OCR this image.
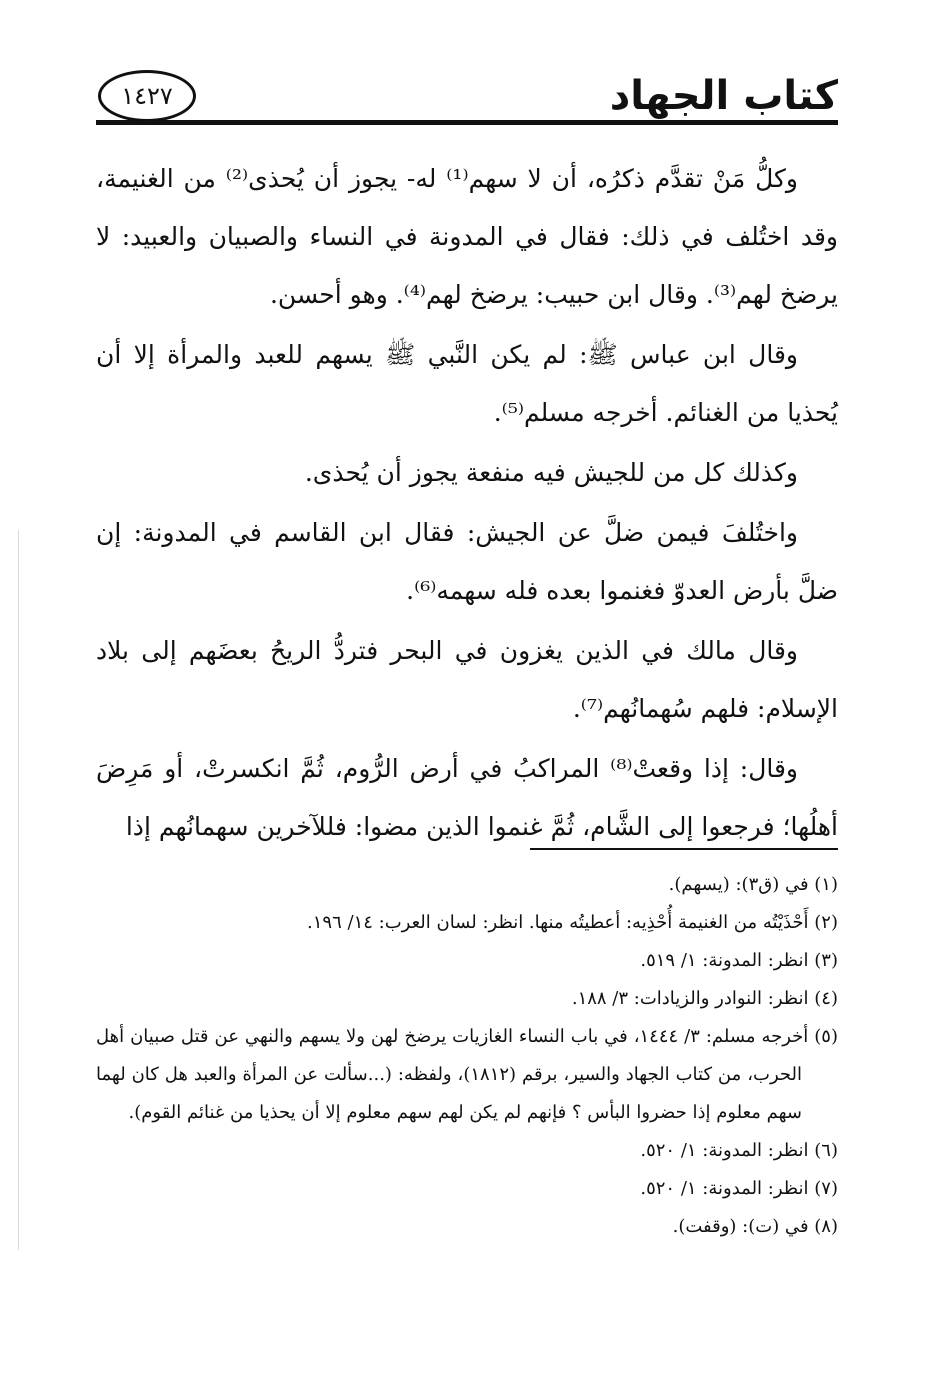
كتاب الجهاد
١٤٢٧

وكلُّ مَنْ تقدَّم ذكرُه، أن لا سهم⁽¹⁾ له- يجوز أن يُحذى⁽²⁾ من الغنيمة، وقد اختُلف في ذلك: فقال في المدونة في النساء والصبيان والعبيد: لا يرضخ لهم⁽³⁾. وقال ابن حبيب: يرضخ لهم⁽⁴⁾. وهو أحسن.

وقال ابن عباس ﷺ: لم يكن النَّبي ﷺ يسهم للعبد والمرأة إلا أن يُحذيا من الغنائم. أخرجه مسلم⁽⁵⁾.

وكذلك كل من للجيش فيه منفعة يجوز أن يُحذى.

واختُلفَ فيمن ضلَّ عن الجيش: فقال ابن القاسم في المدونة: إن ضلَّ بأرض العدوّ فغنموا بعده فله سهمه⁽⁶⁾.

وقال مالك في الذين يغزون في البحر فتردُّ الريحُ بعضَهم إلى بلاد الإسلام: فلهم سُهمانُهم⁽⁷⁾.

وقال: إذا وقعتْ⁽⁸⁾ المراكبُ في أرض الرُّوم، ثُمَّ انكسرتْ، أو مَرِضَ أهلُها؛ فرجعوا إلى الشَّام، ثُمَّ غنموا الذين مضوا: فللآخرين سهمانُهم إذا

(١) في (ق٣): (يسهم).

(٢) أَحْذَيْتُه من الغنيمة أُحْذِيه: أعطيتُه منها. انظر: لسان العرب: ١٤/ ١٩٦.

(٣) انظر: المدونة: ١/ ٥١٩.

(٤) انظر: النوادر والزيادات: ٣/ ١٨٨.

(٥) أخرجه مسلم: ٣/ ١٤٤٤، في باب النساء الغازيات يرضخ لهن ولا يسهم والنهي عن قتل صبيان أهل الحرب، من كتاب الجهاد والسير، برقم (١٨١٢)، ولفظه: (...سألت عن المرأة والعبد هل كان لهما سهم معلوم إذا حضروا البأس ؟ فإنهم لم يكن لهم سهم معلوم إلا أن يحذيا من غنائم القوم).

(٦) انظر: المدونة: ١/ ٥٢٠.

(٧) انظر: المدونة: ١/ ٥٢٠.

(٨) في (ت): (وقفت).
